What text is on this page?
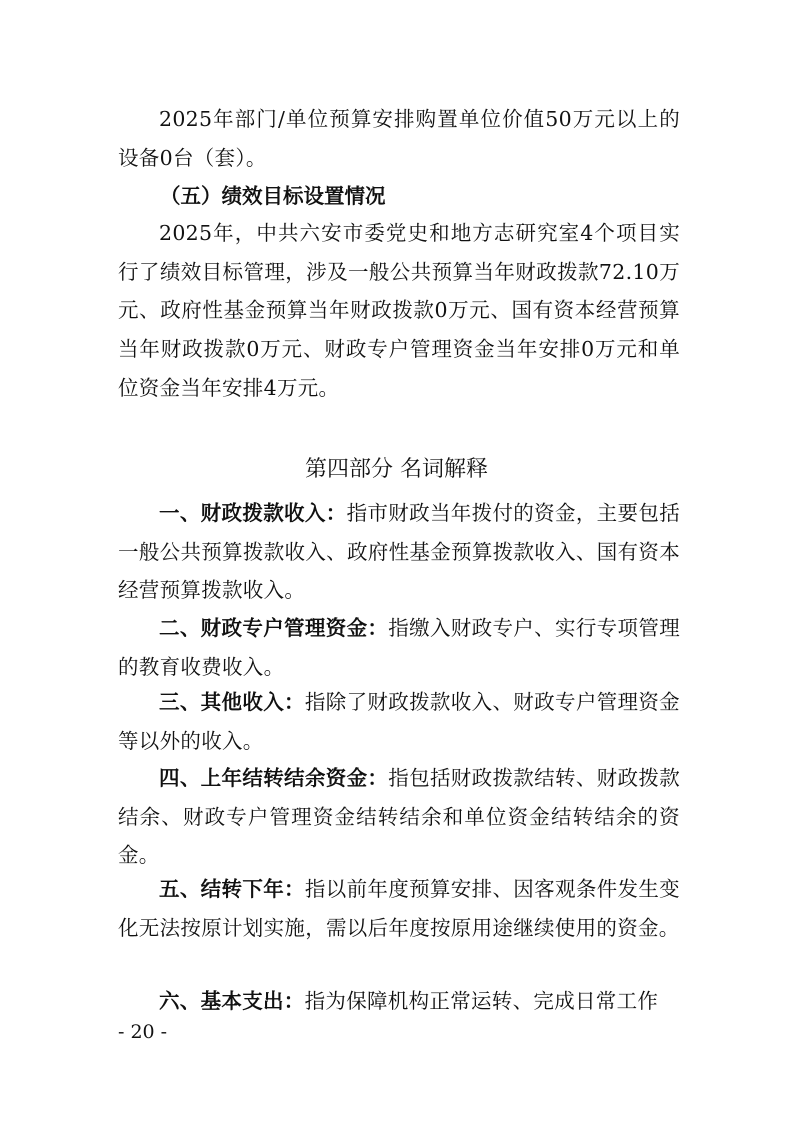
2025年部门/单位预算安排购置单位价值50万元以上的设备0台（套）。

（五）绩效目标设置情况

2025年，中共六安市委党史和地方志研究室4个项目实行了绩效目标管理，涉及一般公共预算当年财政拨款72.10万元、政府性基金预算当年财政拨款0万元、国有资本经营预算当年财政拨款0万元、财政专户管理资金当年安排0万元和单位资金当年安排4万元。

第四部分 名词解释

一、财政拨款收入：指市财政当年拨付的资金，主要包括一般公共预算拨款收入、政府性基金预算拨款收入、国有资本经营预算拨款收入。

二、财政专户管理资金：指缴入财政专户、实行专项管理的教育收费收入。

三、其他收入：指除了财政拨款收入、财政专户管理资金等以外的收入。

四、上年结转结余资金：指包括财政拨款结转、财政拨款结余、财政专户管理资金结转结余和单位资金结转结余的资金。

五、结转下年：指以前年度预算安排、因客观条件发生变化无法按原计划实施，需以后年度按原用途继续使用的资金。

六、基本支出：指为保障机构正常运转、完成日常工作

- 20 -
